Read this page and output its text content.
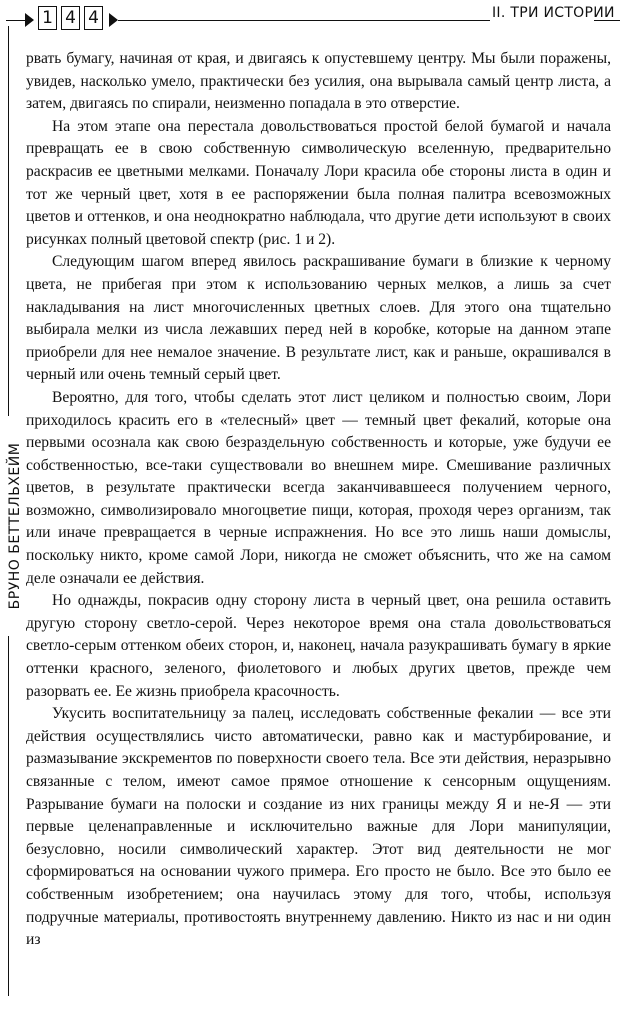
1 4 4	II. ТРИ ИСТОРИИ
БРУНО БЕТТЕЛЬХЕЙМ

рвать бумагу, начиная от края, и двигаясь к опустевшему центру. Мы были поражены, увидев, насколько умело, практически без усилия, она вырывала самый центр листа, а затем, двигаясь по спирали, неизменно попадала в это отверстие.

На этом этапе она перестала довольствоваться простой белой бумагой и начала превращать ее в свою собственную символическую вселенную, предварительно раскрасив ее цветными мелками. Поначалу Лори красила обе стороны листа в один и тот же черный цвет, хотя в ее распоряжении была полная палитра всевозможных цветов и оттенков, и она неоднократно наблюдала, что другие дети используют в своих рисунках полный цветовой спектр (рис. 1 и 2).

Следующим шагом вперед явилось раскрашивание бумаги в близкие к черному цвета, не прибегая при этом к использованию черных мелков, а лишь за счет накладывания на лист многочисленных цветных слоев. Для этого она тщательно выбирала мелки из числа лежавших перед ней в коробке, которые на данном этапе приобрели для нее немалое значение. В результате лист, как и раньше, окрашивался в черный или очень темный серый цвет.

Вероятно, для того, чтобы сделать этот лист целиком и полностью своим, Лори приходилось красить его в «телесный» цвет — темный цвет фекалий, которые она первыми осознала как свою безраздельную собственность и которые, уже будучи ее собственностью, все-таки существовали во внешнем мире. Смешивание различных цветов, в результате практически всегда заканчивавшееся получением черного, возможно, символизировало многоцветие пищи, которая, проходя через организм, так или иначе превращается в черные испражнения. Но все это лишь наши домыслы, поскольку никто, кроме самой Лори, никогда не сможет объяснить, что же на самом деле означали ее действия.

Но однажды, покрасив одну сторону листа в черный цвет, она решила оставить другую сторону светло-серой. Через некоторое время она стала довольствоваться светло-серым оттенком обеих сторон, и, наконец, начала разукрашивать бумагу в яркие оттенки красного, зеленого, фиолетового и любых других цветов, прежде чем разорвать ее. Ее жизнь приобрела красочность.

Укусить воспитательницу за палец, исследовать собственные фекалии — все эти действия осуществлялись чисто автоматически, равно как и мастурбирование, и размазывание экскрементов по поверхности своего тела. Все эти действия, неразрывно связанные с телом, имеют самое прямое отношение к сенсорным ощущениям. Разрывание бумаги на полоски и создание из них границы между Я и не-Я — эти первые целенаправленные и исключительно важные для Лори манипуляции, безусловно, носили символический характер. Этот вид деятельности не мог сформироваться на основании чужого примера. Его просто не было. Все это было ее собственным изобретением; она научилась этому для того, чтобы, используя подручные материалы, противостоять внутреннему давлению. Никто из нас и ни один из
